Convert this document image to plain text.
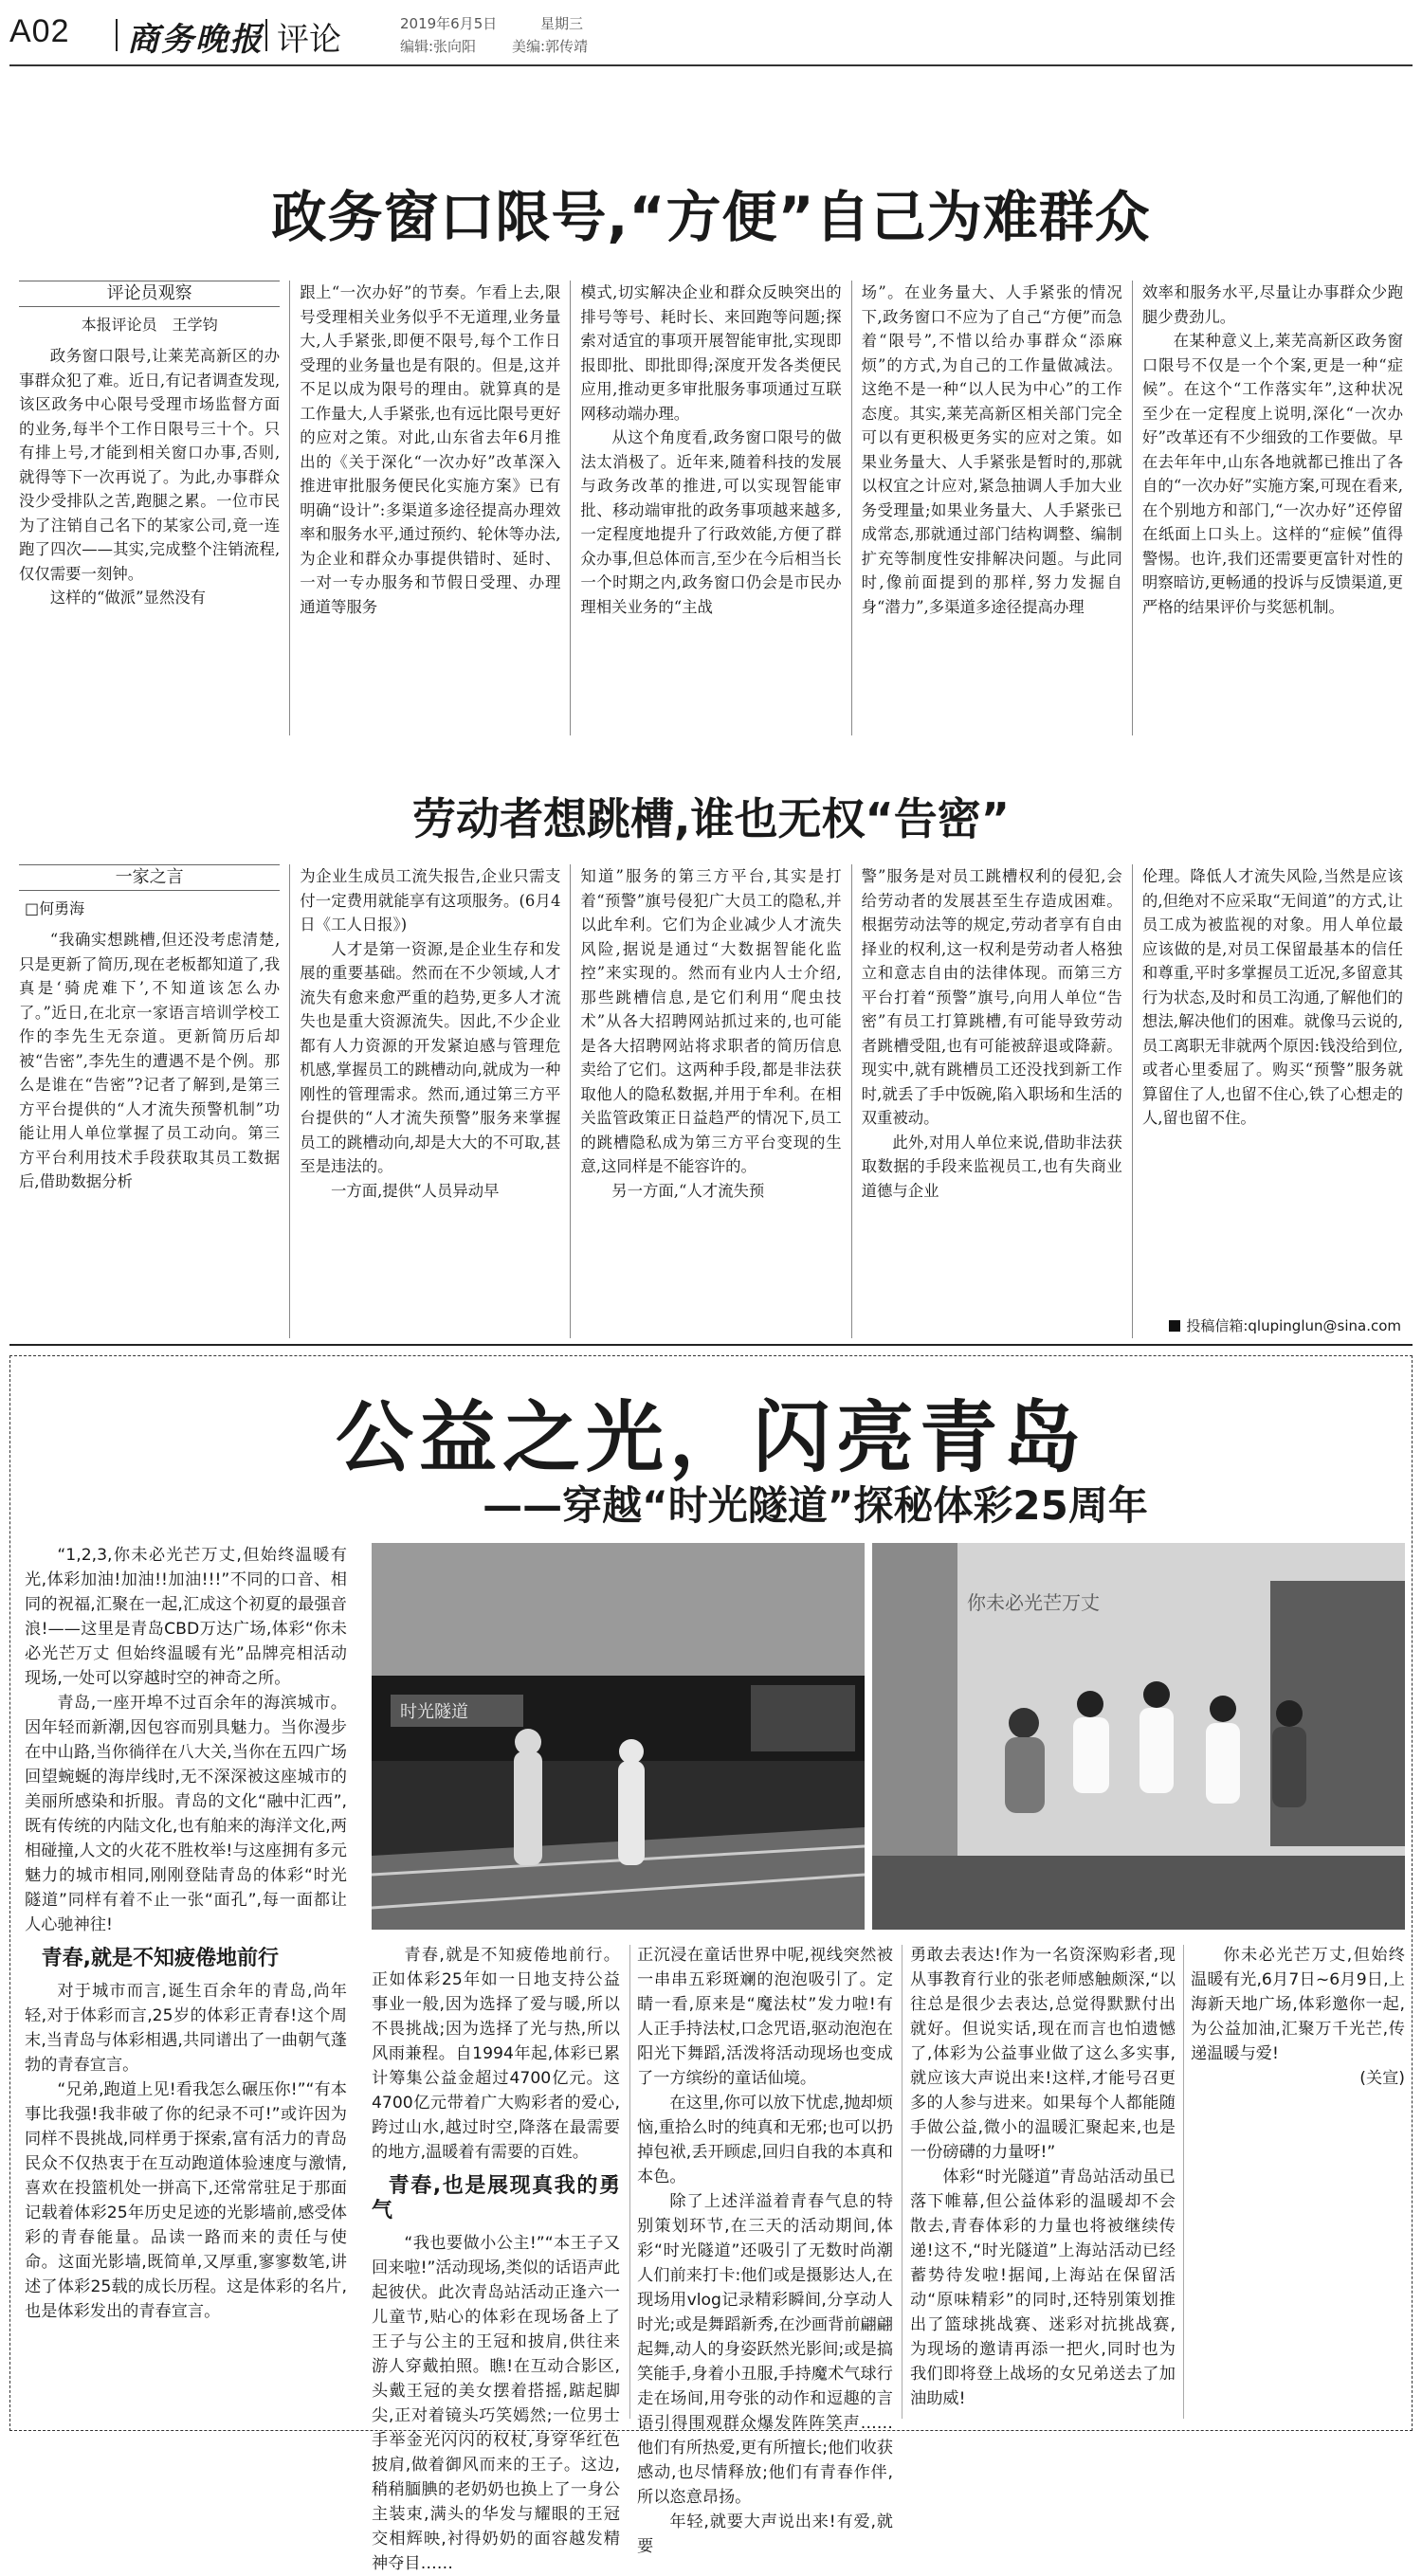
A02 商务晚报 评论	2019年6月5日	星期三
编辑:张向阳	美编:郭传靖
政务窗口限号,“方便”自己为难群众
评论员观察
本报评论员　王学钧

政务窗口限号,让莱芜高新区的办事群众犯了难。近日,有记者调查发现,该区政务中心限号受理市场监督方面的业务,每半个工作日限号三十个。只有排上号,才能到相关窗口办事,否则,就得等下一次再说了。为此,办事群众没少受排队之苦,跑腿之累。一位市民为了注销自己名下的某家公司,竟一连跑了四次——其实,完成整个注销流程,仅仅需要一刻钟。

这样的“做派”显然没有

跟上“一次办好”的节奏。乍看上去,限号受理相关业务似乎不无道理,业务量大,人手紧张,即便不限号,每个工作日受理的业务量也是有限的。但是,这并不足以成为限号的理由。就算真的是工作量大,人手紧张,也有远比限号更好的应对之策。对此,山东省去年6月推出的《关于深化“一次办好”改革深入推进审批服务便民化实施方案》已有明确“设计”:多渠道多途径提高办理效率和服务水平,通过预约、轮休等办法,为企业和群众办事提供错时、延时、一对一专办服务和节假日受理、办理通道等服务

模式,切实解决企业和群众反映突出的排号等号、耗时长、来回跑等问题;探索对适宜的事项开展智能审批,实现即报即批、即批即得;深度开发各类便民应用,推动更多审批服务事项通过互联网移动端办理。

从这个角度看,政务窗口限号的做法太消极了。近年来,随着科技的发展与政务改革的推进,可以实现智能审批、移动端审批的政务事项越来越多,一定程度地提升了行政效能,方便了群众办事,但总体而言,至少在今后相当长一个时期之内,政务窗口仍会是市民办理相关业务的“主战

场”。在业务量大、人手紧张的情况下,政务窗口不应为了自己“方便”而急着“限号”,不惜以给办事群众“添麻烦”的方式,为自己的工作量做减法。这绝不是一种“以人民为中心”的工作态度。其实,莱芜高新区相关部门完全可以有更积极更务实的应对之策。如果业务量大、人手紧张是暂时的,那就以权宜之计应对,紧急抽调人手加大业务受理量;如果业务量大、人手紧张已成常态,那就通过部门结构调整、编制扩充等制度性安排解决问题。与此同时,像前面提到的那样,努力发掘自身“潜力”,多渠道多途径提高办理

效率和服务水平,尽量让办事群众少跑腿少费劲儿。

在某种意义上,莱芜高新区政务窗口限号不仅是一个个案,更是一种“症候”。在这个“工作落实年”,这种状况至少在一定程度上说明,深化“一次办好”改革还有不少细致的工作要做。早在去年年中,山东各地就都已推出了各自的“一次办好”实施方案,可现在看来,在个别地方和部门,“一次办好”还停留在纸面上口头上。这样的“症候”值得警惕。也许,我们还需要更富针对性的明察暗访,更畅通的投诉与反馈渠道,更严格的结果评价与奖惩机制。

劳动者想跳槽,谁也无权“告密”
一家之言
□何勇海

“我确实想跳槽,但还没考虑清楚,只是更新了简历,现在老板都知道了,我真是‘骑虎难下’,不知道该怎么办了。”近日,在北京一家语言培训学校工作的李先生无奈道。更新简历后却被“告密”,李先生的遭遇不是个例。那么是谁在“告密”?记者了解到,是第三方平台提供的“人才流失预警机制”功能让用人单位掌握了员工动向。第三方平台利用技术手段获取其员工数据后,借助数据分析

为企业生成员工流失报告,企业只需支付一定费用就能享有这项服务。(6月4日《工人日报》)

人才是第一资源,是企业生存和发展的重要基础。然而在不少领域,人才流失有愈来愈严重的趋势,更多人才流失也是重大资源流失。因此,不少企业都有人力资源的开发紧迫感与管理危机感,掌握员工的跳槽动向,就成为一种刚性的管理需求。然而,通过第三方平台提供的“人才流失预警”服务来掌握员工的跳槽动向,却是大大的不可取,甚至是违法的。

一方面,提供“人员异动早

知道”服务的第三方平台,其实是打着“预警”旗号侵犯广大员工的隐私,并以此牟利。它们为企业减少人才流失风险,据说是通过“大数据智能化监控”来实现的。然而有业内人士介绍,那些跳槽信息,是它们利用“爬虫技术”从各大招聘网站抓过来的,也可能是各大招聘网站将求职者的简历信息卖给了它们。这两种手段,都是非法获取他人的隐私数据,并用于牟利。在相关监管政策正日益趋严的情况下,员工的跳槽隐私成为第三方平台变现的生意,这同样是不能容许的。

另一方面,“人才流失预

警”服务是对员工跳槽权利的侵犯,会给劳动者的发展甚至生存造成困难。根据劳动法等的规定,劳动者享有自由择业的权利,这一权利是劳动者人格独立和意志自由的法律体现。而第三方平台打着“预警”旗号,向用人单位“告密”有员工打算跳槽,有可能导致劳动者跳槽受阻,也有可能被辞退或降薪。现实中,就有跳槽员工还没找到新工作时,就丢了手中饭碗,陷入职场和生活的双重被动。

此外,对用人单位来说,借助非法获取数据的手段来监视员工,也有失商业道德与企业

伦理。降低人才流失风险,当然是应该的,但绝对不应采取“无间道”的方式,让员工成为被监视的对象。用人单位最应该做的是,对员工保留最基本的信任和尊重,平时多掌握员工近况,多留意其行为状态,及时和员工沟通,了解他们的想法,解决他们的困难。就像马云说的,员工离职无非就两个原因:钱没给到位,或者心里委屈了。购买“预警”服务就算留住了人,也留不住心,铁了心想走的人,留也留不住。

投稿信箱:qlupinglun@sina.com
公益之光，闪亮青岛
——穿越“时光隧道”探秘体彩25周年

“1,2,3,你未必光芒万丈,但始终温暖有光,体彩加油!加油!!加油!!!”不同的口音、相同的祝福,汇聚在一起,汇成这个初夏的最强音浪!——这里是青岛CBD万达广场,体彩“你未必光芒万丈 但始终温暖有光”品牌亮相活动现场,一处可以穿越时空的神奇之所。

青岛,一座开埠不过百余年的海滨城市。因年轻而新潮,因包容而别具魅力。当你漫步在中山路,当你徜徉在八大关,当你在五四广场回望蜿蜒的海岸线时,无不深深被这座城市的美丽所感染和折服。青岛的文化“融中汇西”,既有传统的内陆文化,也有舶来的海洋文化,两相碰撞,人文的火花不胜枚举!与这座拥有多元魅力的城市相同,刚刚登陆青岛的体彩“时光隧道”同样有着不止一张“面孔”,每一面都让人心驰神往!

青春,就是不知疲倦地前行

对于城市而言,诞生百余年的青岛,尚年轻,对于体彩而言,25岁的体彩正青春!这个周末,当青岛与体彩相遇,共同谱出了一曲朝气蓬勃的青春宣言。

“兄弟,跑道上见!看我怎么碾压你!”“有本事比我强!我非破了你的纪录不可!”或许因为同样不畏挑战,同样勇于探索,富有活力的青岛民众不仅热衷于在互动跑道体验速度与激情,喜欢在投篮机处一拼高下,还常常驻足于那面记载着体彩25年历史足迹的光影墙前,感受体彩的青春能量。品读一路而来的责任与使命。这面光影墙,既简单,又厚重,寥寥数笔,讲述了体彩25载的成长历程。这是体彩的名片,也是体彩发出的青春宣言。

时光隧道
你未必光芒万丈

青春,就是不知疲倦地前行。正如体彩25年如一日地支持公益事业一般,因为选择了爱与暖,所以不畏挑战;因为选择了光与热,所以风雨兼程。自1994年起,体彩已累计筹集公益金超过4700亿元。这4700亿元带着广大购彩者的爱心,跨过山水,越过时空,降落在最需要的地方,温暖着有需要的百姓。

青春,也是展现真我的勇气

“我也要做小公主!”“本王子又回来啦!”活动现场,类似的话语声此起彼伏。此次青岛站活动正逢六一儿童节,贴心的体彩在现场备上了王子与公主的王冠和披肩,供往来游人穿戴拍照。瞧!在互动合影区,头戴王冠的美女摆着搭摇,踮起脚尖,正对着镜头巧笑嫣然;一位男士手举金光闪闪的权杖,身穿华红色披肩,做着御风而来的王子。这边,稍稍腼腆的老奶奶也换上了一身公主装束,满头的华发与耀眼的王冠交相辉映,衬得奶奶的面容越发精神夺目……

正沉浸在童话世界中呢,视线突然被一串串五彩斑斓的泡泡吸引了。定睛一看,原来是“魔法杖”发力啦!有人正手持法杖,口念咒语,驱动泡泡在阳光下舞蹈,活泼将活动现场也变成了一方缤纷的童话仙境。

在这里,你可以放下忧虑,抛却烦恼,重拾么时的纯真和无邪;也可以扔掉包袱,丢开顾虑,回归自我的本真和本色。

除了上述洋溢着青春气息的特别策划环节,在三天的活动期间,体彩“时光隧道”还吸引了无数时尚潮人们前来打卡:他们或是摄影达人,在现场用vlog记录精彩瞬间,分享动人时光;或是舞蹈新秀,在沙画背前翩翩起舞,动人的身姿跃然光影间;或是搞笑能手,身着小丑服,手持魔术气球行走在场间,用夸张的动作和逗趣的言语引得围观群众爆发阵阵笑声……他们有所热爱,更有所擅长;他们收获感动,也尽情释放;他们有青春作伴,所以恣意昂扬。

年轻,就要大声说出来!有爱,就要

勇敢去表达!作为一名资深购彩者,现从事教育行业的张老师感触颇深,“以往总是很少去表达,总觉得默默付出就好。但说实话,现在而言也怕遗憾了,体彩为公益事业做了这么多实事,就应该大声说出来!这样,才能号召更多的人参与进来。如果每个人都能随手做公益,微小的温暖汇聚起来,也是一份磅礴的力量呀!”

体彩“时光隧道”青岛站活动虽已落下帷幕,但公益体彩的温暖却不会散去,青春体彩的力量也将被继续传递!这不,“时光隧道”上海站活动已经蓄势待发啦!据闻,上海站在保留活动“原味精彩”的同时,还特别策划推出了篮球挑战赛、迷彩对抗挑战赛,为现场的邀请再添一把火,同时也为我们即将登上战场的女兄弟送去了加油助威!

你未必光芒万丈,但始终温暖有光,6月7日~6月9日,上海新天地广场,体彩邀你一起,为公益加油,汇聚万千光芒,传递温暖与爱!

(关宣)
